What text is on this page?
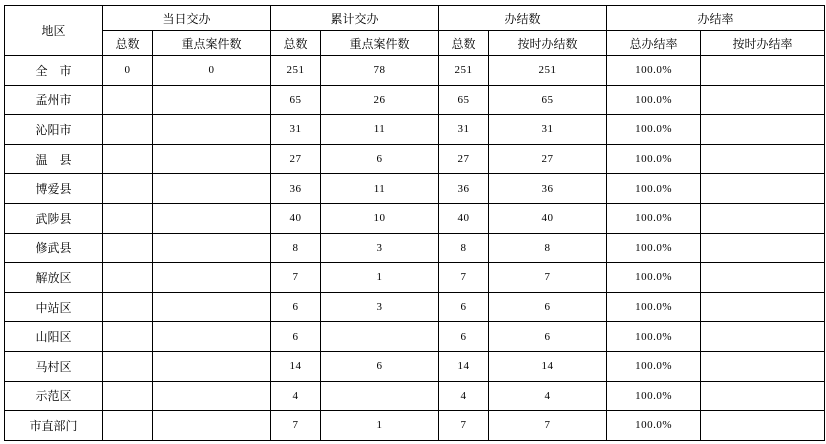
地区	当日交办		累计交办		办结数		办结率	
	总数	重点案件数	总数	重点案件数	总数	按时办结数	总办结率	按时办结率
全　市	0	0	251	78	251	251	100.0%	
孟州市			65	26	65	65	100.0%	
沁阳市			31	11	31	31	100.0%	
温　县			27	6	27	27	100.0%	
博爱县			36	11	36	36	100.0%	
武陟县			40	10	40	40	100.0%	
修武县			8	3	8	8	100.0%	
解放区			7	1	7	7	100.0%	
中站区			6	3	6	6	100.0%	
山阳区			6		6	6	100.0%	
马村区			14	6	14	14	100.0%	
示范区			4		4	4	100.0%	
市直部门			7	1	7	7	100.0%	
